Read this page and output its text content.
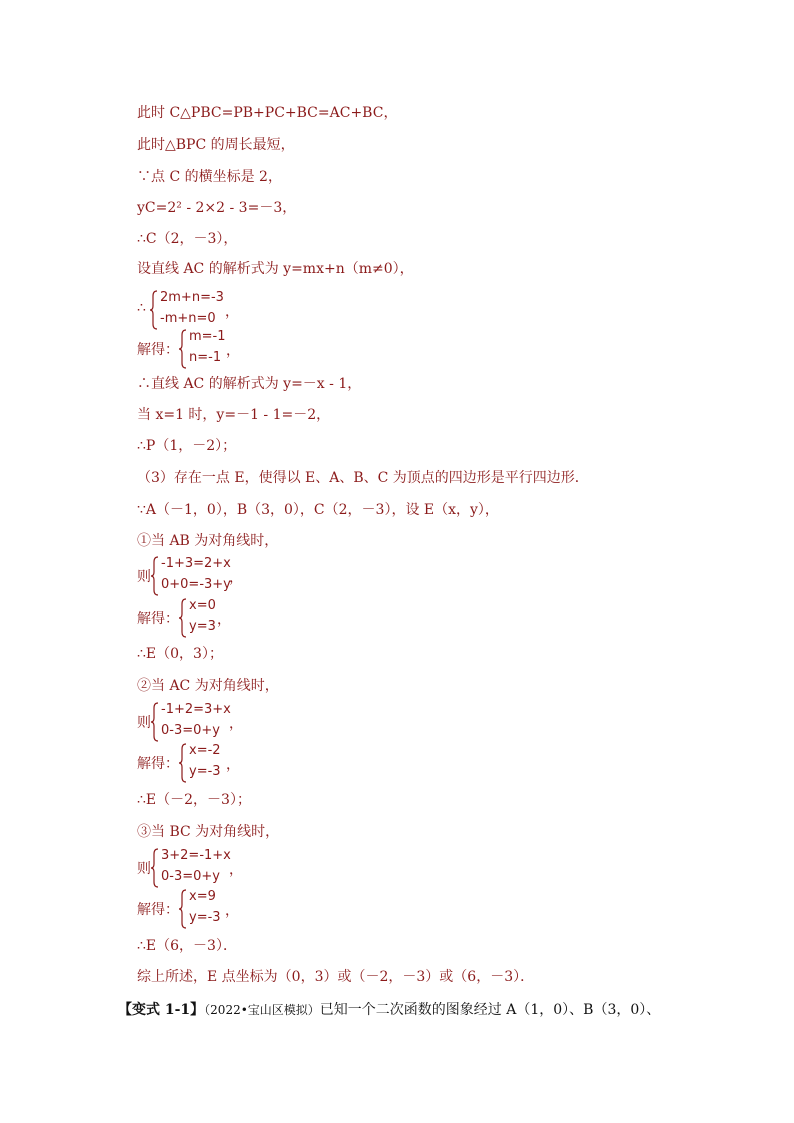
此时 C△PBC=PB+PC+BC=AC+BC，
此时△BPC 的周长最短，
∵点 C 的横坐标是 2，
yC=2² - 2×2 - 3=－3，
∴C（2，－3），
设直线 AC 的解析式为 y=mx+n（m≠0），
∴
2m+n=-3
-m+n=0 ，
解得：
m=-1
n=-1 ，
∴直线 AC 的解析式为 y=－x - 1，
当 x=1 时，y=－1 - 1=－2，
∴P（1，－2）；
（3）存在一点 E，使得以 E、A、B、C 为顶点的四边形是平行四边形．
∵A（－1，0），B（3，0），C（2，－3），设 E（x，y），
①当 AB 为对角线时，
则
-1+3=2+x
0+0=-3+y
，
解得：
x=0
y=3 ，
∴E（0，3）；
②当 AC 为对角线时，
则
-1+2=3+x
0-3=0+y ，
解得：
x=-2
y=-3 ，
∴E（－2，－3）；
③当 BC 为对角线时，
则
3+2=-1+x
0-3=0+y ，
解得：
x=9
y=-3 ，
∴E（6，－3）．
综上所述，E 点坐标为（0，3）或（－2，－3）或（6，－3）．
【变式 1-1】（2022•宝山区模拟）已知一个二次函数的图象经过 A（1，0）、B（3，0）、
